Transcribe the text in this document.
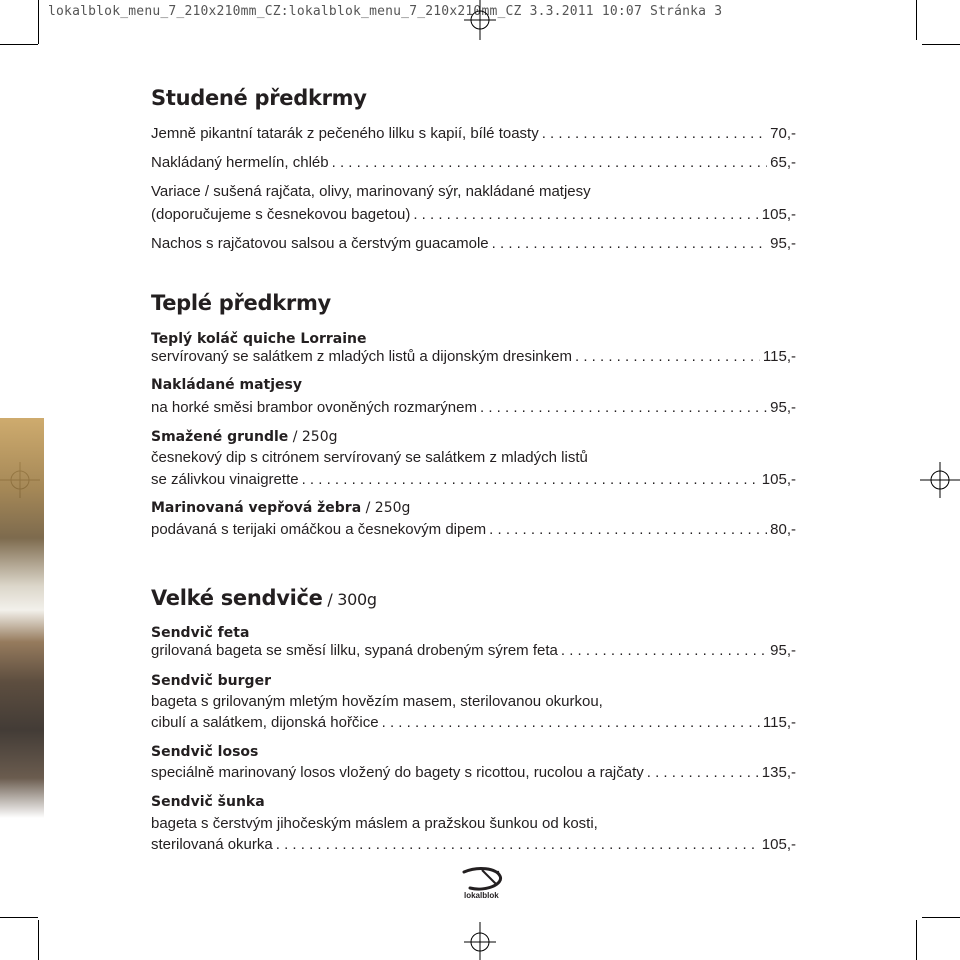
lokalblok_menu_7_210x210mm_CZ:lokalblok_menu_7_210x210mm_CZ 3.3.2011 10:07 Stránka 3
Studené předkrmy
Jemně pikantní tatarák z pečeného lilku s kapií, bílé toasty . . .	70,-
Nakládaný hermelín, chléb . . .	65,-
Variace / sušená rajčata, olivy, marinovaný sýr, nakládané matjesy
(doporučujeme s česnekovou bagetou) . . .	105,-
Nachos s rajčatovou salsou a čerstvým guacamole . . .	95,-
Teplé předkrmy
Teplý koláč quiche Lorraine
servírovaný se salátkem z mladých listů a dijonským dresinkem . . .	115,-
Nakládané matjesy
na horké směsi brambor ovoněných rozmarýnem . . .	95,-
Smažené grundle / 250g
česnekový dip s citrónem servírovaný se salátkem z mladých listů
se zálivkou vinaigrette . . .	105,-
Marinovaná vepřová žebra / 250g
podávaná s terijaki omáčkou a česnekovým dipem . . .	80,-
Velké sendviče / 300g
Sendvič feta
grilovaná bageta se směsí lilku, sypaná drobeným sýrem feta . . .	95,-
Sendvič burger
bageta s grilovaným mletým hovězím masem, sterilovanou okurkou,
cibulí a salátkem, dijonská hořčice . . .	115,-
Sendvič losos
speciálně marinovaný losos vložený do bagety s ricottou, rucolou a rajčaty . . .	135,-
Sendvič šunka
bageta s čerstvým jihočeským máslem a pražskou šunkou od kosti,
sterilovaná okurka . . .	105,-
lokalblok
